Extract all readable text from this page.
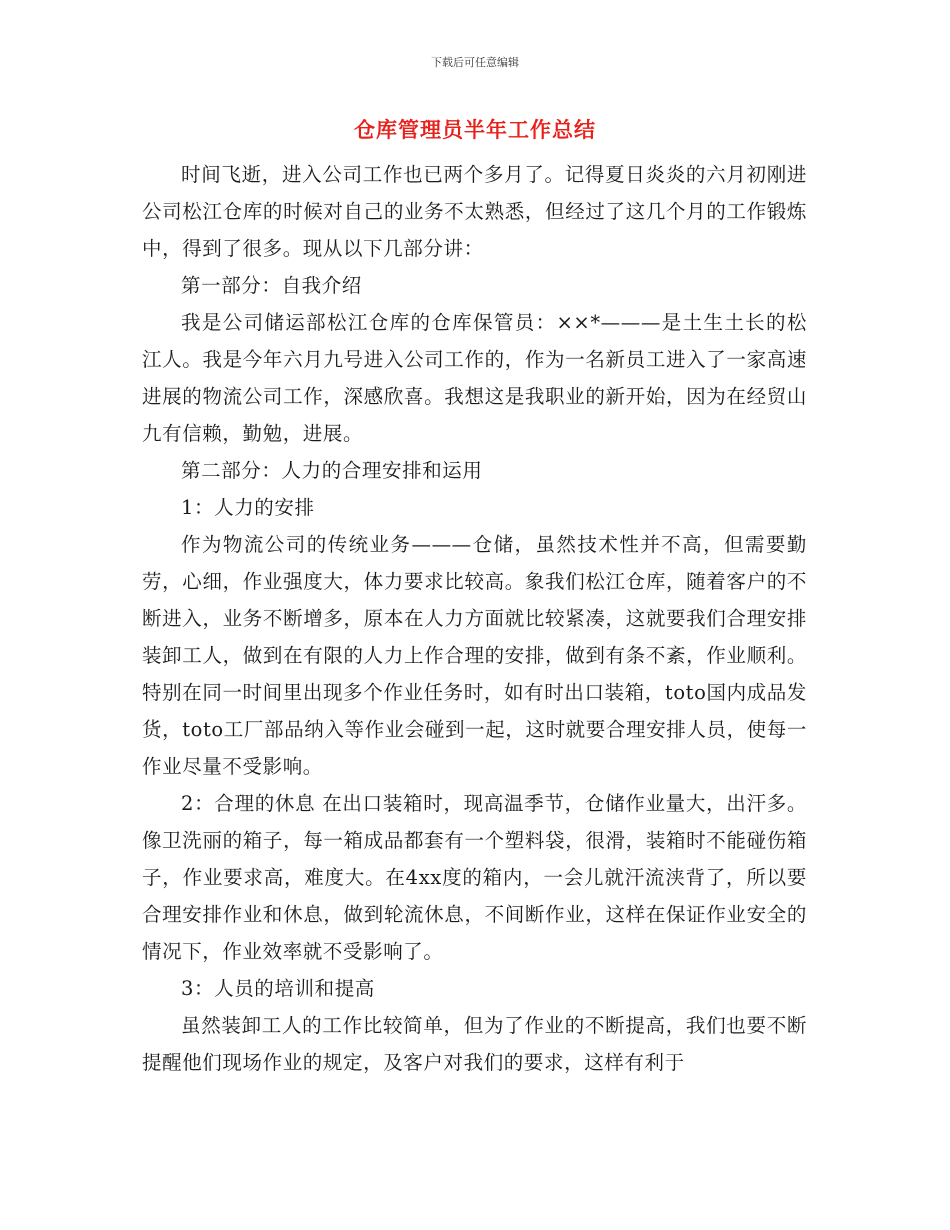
下载后可任意编辑
仓库管理员半年工作总结

时间飞逝，进入公司工作也已两个多月了。记得夏日炎炎的六月初刚进公司松江仓库的时候对自己的业务不太熟悉，但经过了这几个月的工作锻炼中，得到了很多。现从以下几部分讲：

第一部分：自我介绍

我是公司储运部松江仓库的仓库保管员：××*———是土生土长的松江人。我是今年六月九号进入公司工作的，作为一名新员工进入了一家高速进展的物流公司工作，深感欣喜。我想这是我职业的新开始，因为在经贸山九有信赖，勤勉，进展。

第二部分：人力的合理安排和运用

1：人力的安排

作为物流公司的传统业务———仓储，虽然技术性并不高，但需要勤劳，心细，作业强度大，体力要求比较高。象我们松江仓库，随着客户的不断进入，业务不断增多，原本在人力方面就比较紧凑，这就要我们合理安排装卸工人，做到在有限的人力上作合理的安排，做到有条不紊，作业顺利。特别在同一时间里出现多个作业任务时，如有时出口装箱，toto国内成品发货，toto工厂部品纳入等作业会碰到一起，这时就要合理安排人员，使每一作业尽量不受影响。

2：合理的休息 在出口装箱时，现高温季节，仓储作业量大，出汗多。像卫洗丽的箱子，每一箱成品都套有一个塑料袋，很滑，装箱时不能碰伤箱子，作业要求高，难度大。在4xx度的箱内，一会儿就汗流浃背了，所以要合理安排作业和休息，做到轮流休息，不间断作业，这样在保证作业安全的情况下，作业效率就不受影响了。

3：人员的培训和提高

虽然装卸工人的工作比较简单，但为了作业的不断提高，我们也要不断提醒他们现场作业的规定，及客户对我们的要求，这样有利于
